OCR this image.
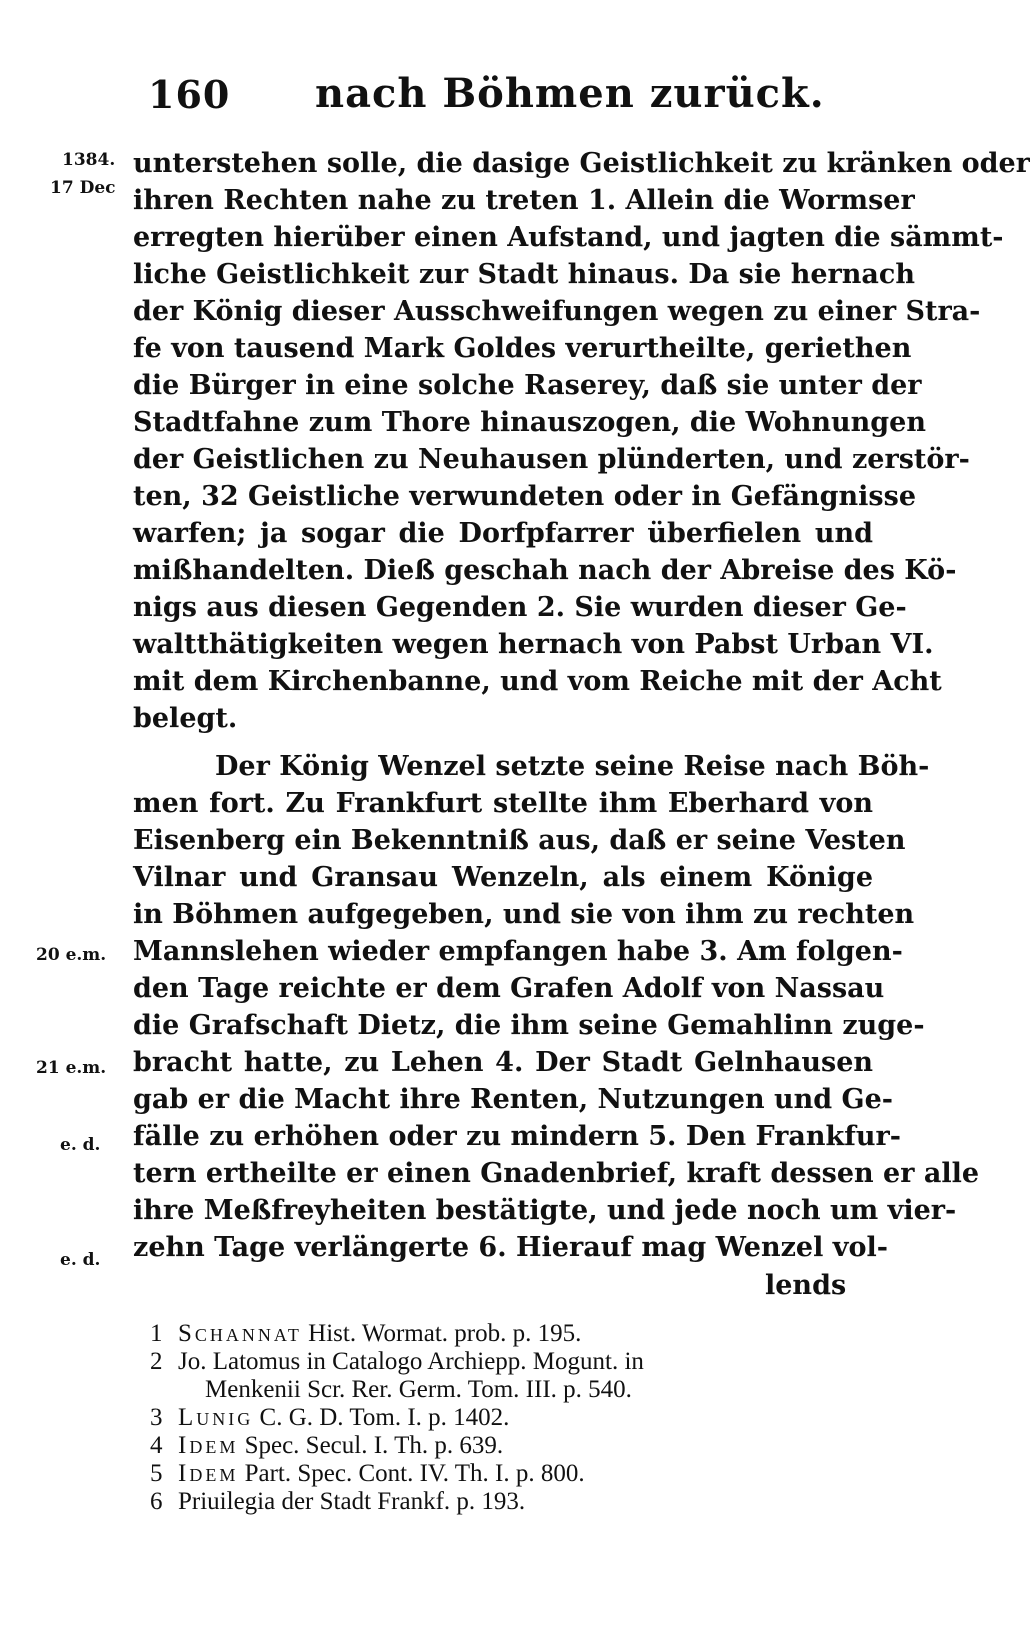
160 nach Böhmen zurück.
1384.
17 Dec
20 e.m.
21 e.m.
e. d.
e. d.
unterstehen solle, die dasige Geistlichkeit zu kränken oder
ihren Rechten nahe zu treten 1. Allein die Wormser
erregten hierüber einen Aufstand, und jagten die sämmt-
liche Geistlichkeit zur Stadt hinaus. Da sie hernach
der König dieser Ausschweifungen wegen zu einer Stra-
fe von tausend Mark Goldes verurtheilte, geriethen
die Bürger in eine solche Raserey, daß sie unter der
Stadtfahne zum Thore hinauszogen, die Wohnungen
der Geistlichen zu Neuhausen plünderten, und zerstör-
ten, 32 Geistliche verwundeten oder in Gefängnisse
warfen; ja sogar die Dorfpfarrer überfielen und
mißhandelten. Dieß geschah nach der Abreise des Kö-
nigs aus diesen Gegenden 2. Sie wurden dieser Ge-
waltthätigkeiten wegen hernach von Pabst Urban VI.
mit dem Kirchenbanne, und vom Reiche mit der Acht
belegt.
Der König Wenzel setzte seine Reise nach Böh-
men fort. Zu Frankfurt stellte ihm Eberhard von
Eisenberg ein Bekenntniß aus, daß er seine Vesten
Vilnar und Gransau Wenzeln, als einem Könige
in Böhmen aufgegeben, und sie von ihm zu rechten
Mannslehen wieder empfangen habe 3. Am folgen-
den Tage reichte er dem Grafen Adolf von Nassau
die Grafschaft Dietz, die ihm seine Gemahlinn zuge-
bracht hatte, zu Lehen 4. Der Stadt Gelnhausen
gab er die Macht ihre Renten, Nutzungen und Ge-
fälle zu erhöhen oder zu mindern 5. Den Frankfur-
tern ertheilte er einen Gnadenbrief, kraft dessen er alle
ihre Meßfreyheiten bestätigte, und jede noch um vier-
zehn Tage verlängerte 6. Hierauf mag Wenzel vol-
lends
1 Schannat Hist. Wormat. prob. p. 195.
2 Jo. Latomus in Catalogo Archiepp. Mogunt. in
Menkenii Scr. Rer. Germ. Tom. III. p. 540.
3 Lunig C. G. D. Tom. I. p. 1402.
4 Idem Spec. Secul. I. Th. p. 639.
5 Idem Part. Spec. Cont. IV. Th. I. p. 800.
6 Priuilegia der Stadt Frankf. p. 193.
